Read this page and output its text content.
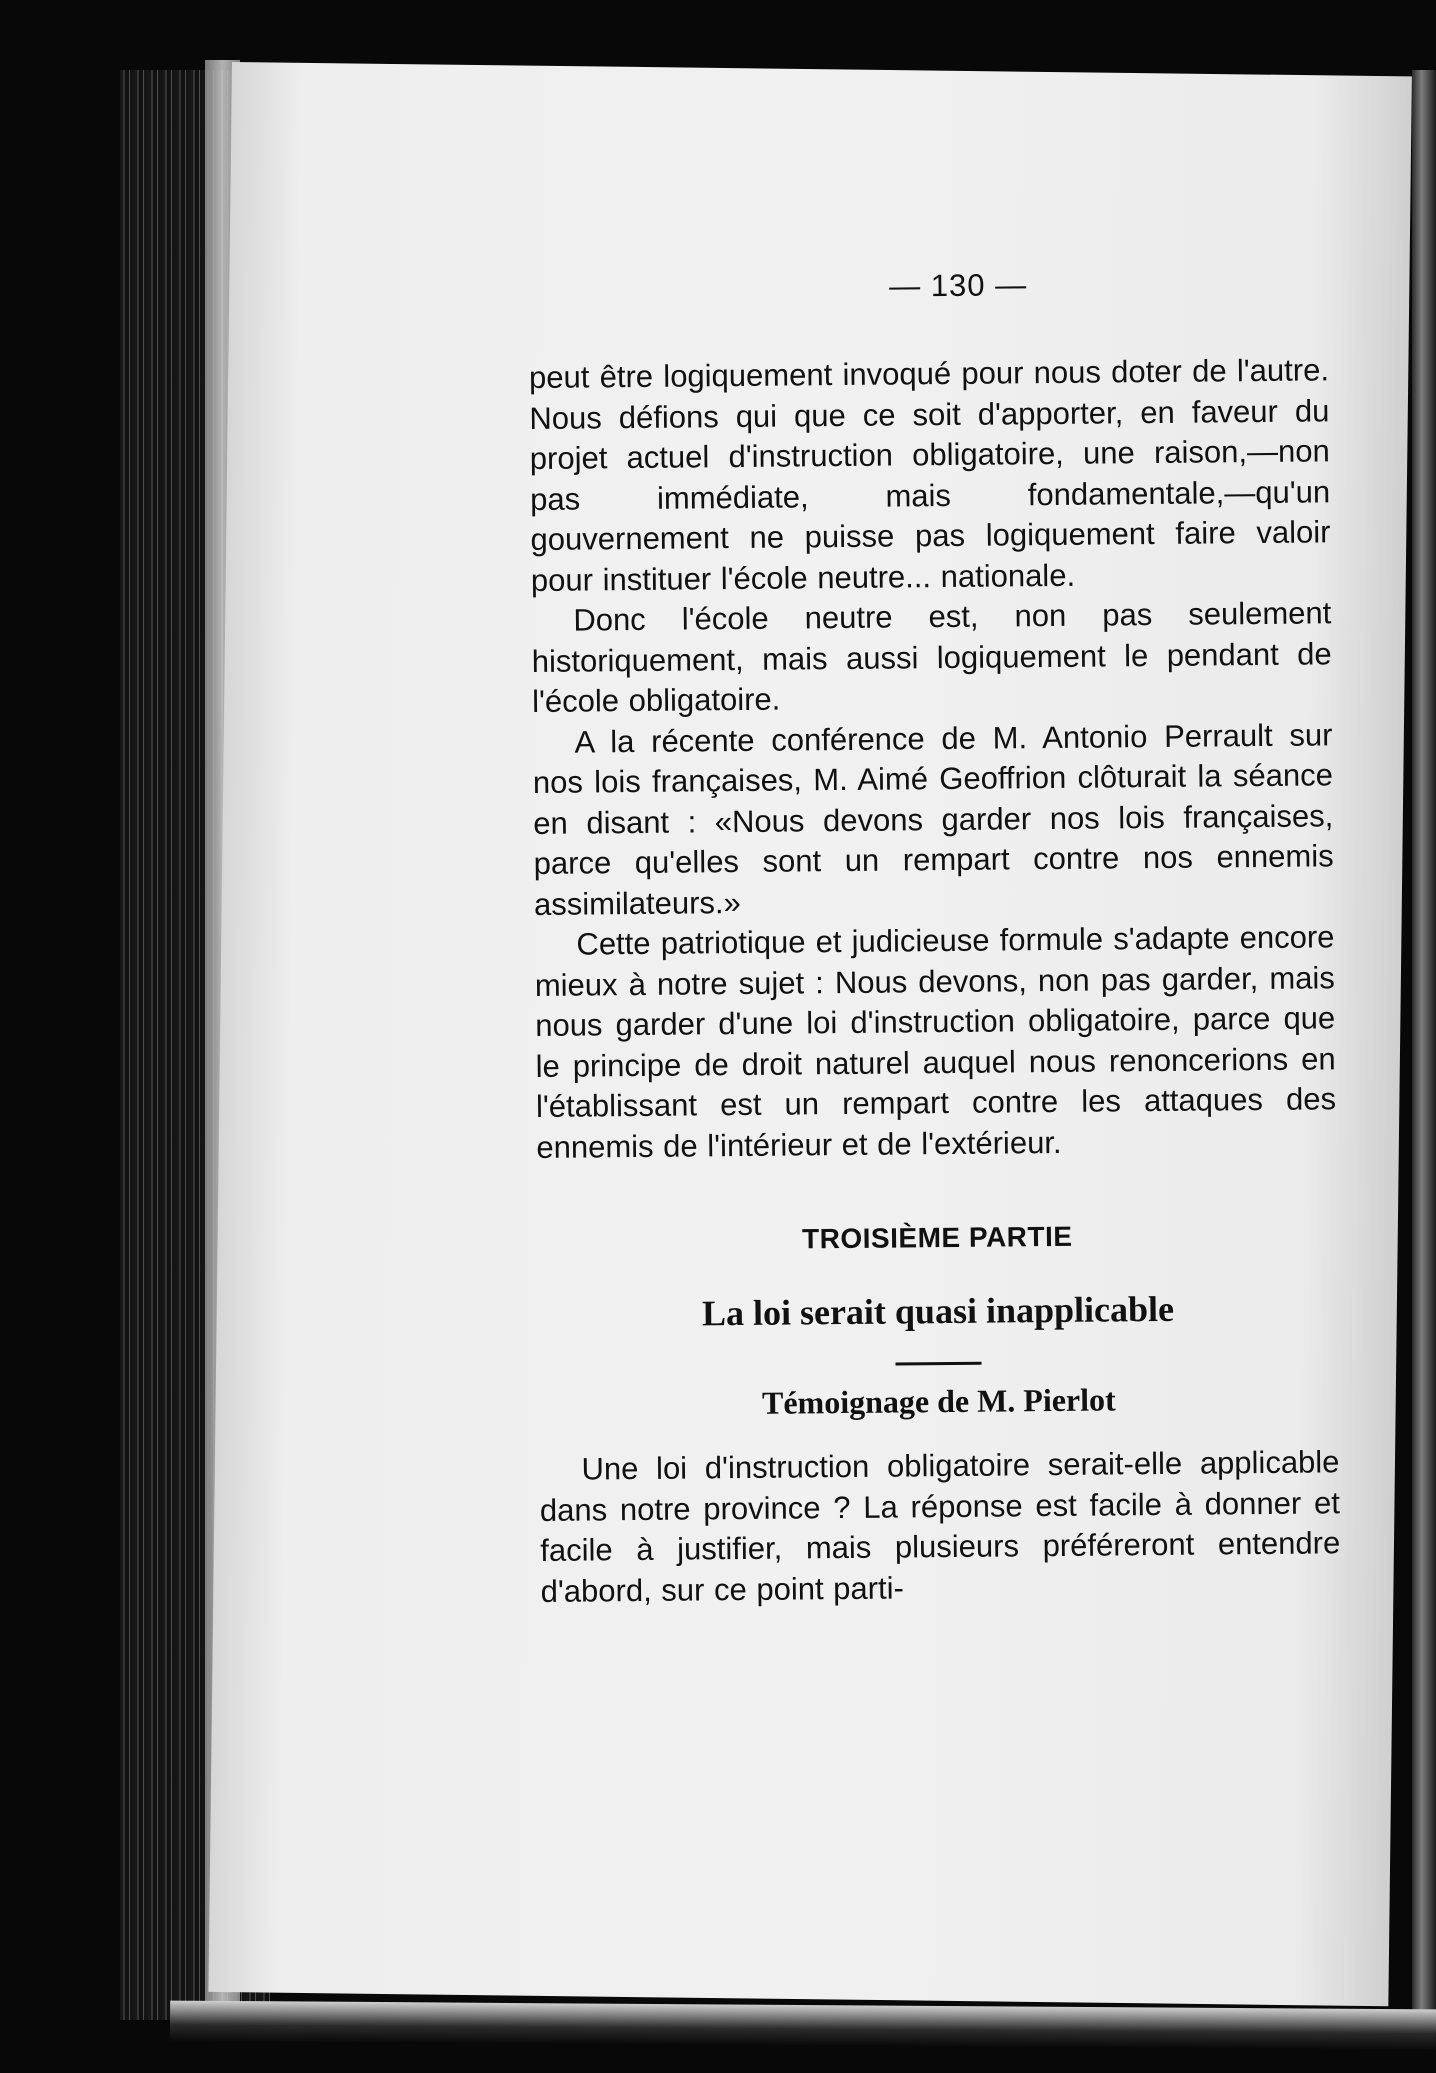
— 130 —

peut être logiquement invoqué pour nous doter de l'autre. Nous défions qui que ce soit d'apporter, en faveur du projet actuel d'instruction obligatoire, une raison,—non pas immédiate, mais fondamentale,—qu'un gouvernement ne puisse pas logiquement faire valoir pour instituer l'école neutre... nationale.

Donc l'école neutre est, non pas seulement historiquement, mais aussi logiquement le pendant de l'école obligatoire.

A la récente conférence de M. Antonio Perrault sur nos lois françaises, M. Aimé Geoffrion clôturait la séance en disant : «Nous devons garder nos lois françaises, parce qu'elles sont un rempart contre nos ennemis assimilateurs.»

Cette patriotique et judicieuse formule s'adapte encore mieux à notre sujet : Nous devons, non pas garder, mais nous garder d'une loi d'instruction obligatoire, parce que le principe de droit naturel auquel nous renoncerions en l'établissant est un rempart contre les attaques des ennemis de l'intérieur et de l'extérieur.

TROISIÈME PARTIE
La loi serait quasi inapplicable
Témoignage de M. Pierlot

Une loi d'instruction obligatoire serait-elle applicable dans notre province ? La réponse est facile à donner et facile à justifier, mais plusieurs préféreront entendre d'abord, sur ce point parti-
